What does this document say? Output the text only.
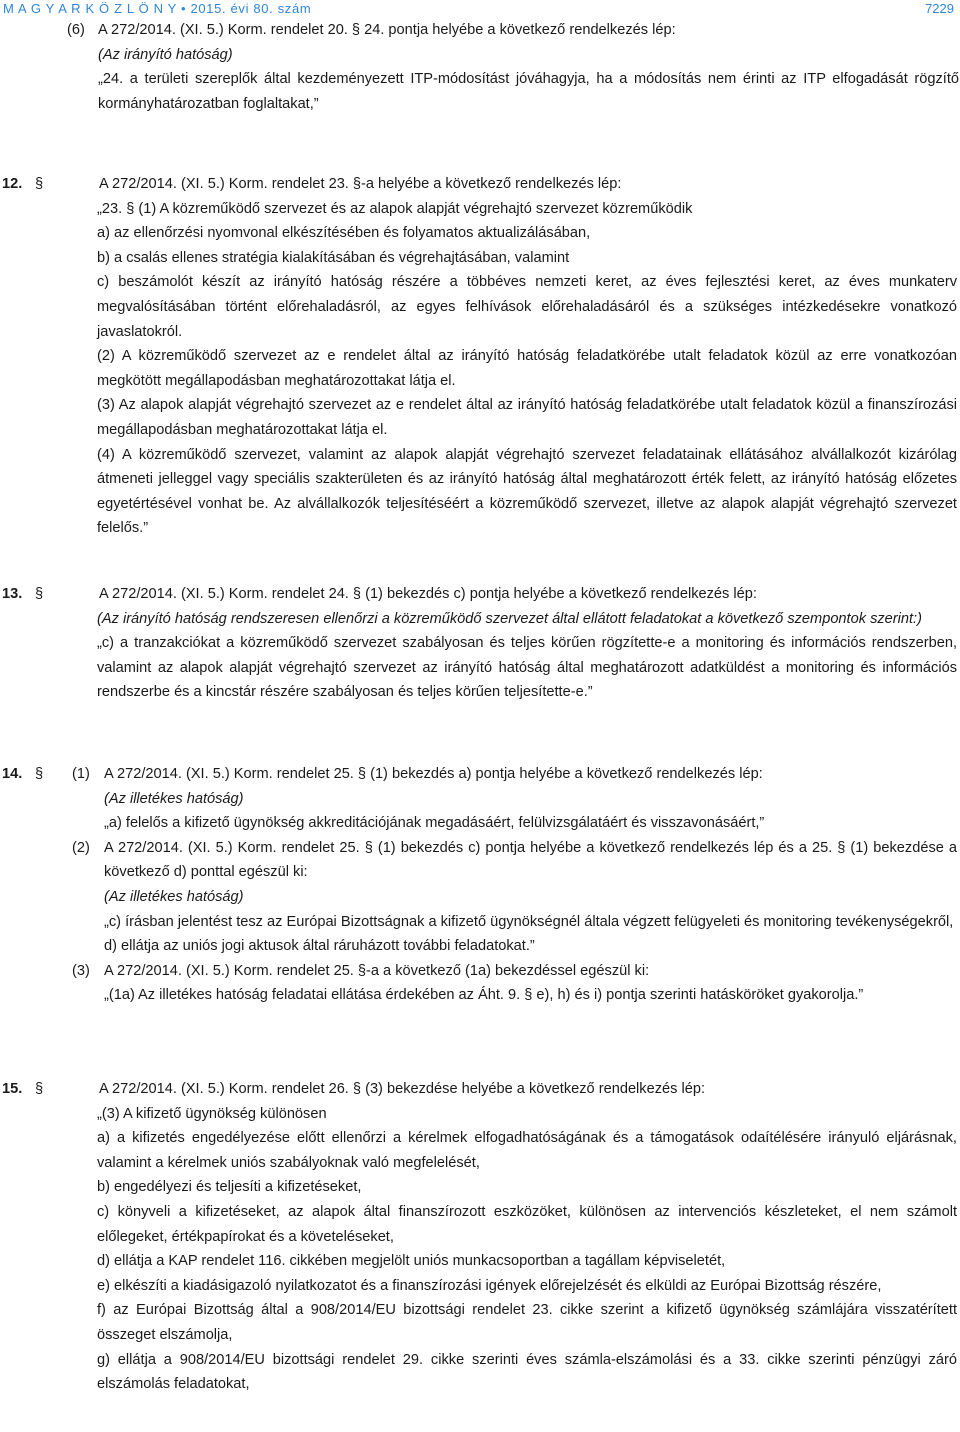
M A G Y A R K Ö Z L Ö N Y • 2015. évi 80. szám	7229
(6) A 272/2014. (XI. 5.) Korm. rendelet 20. § 24. pontja helyébe a következő rendelkezés lép:
(Az irányító hatóság)
„24. a területi szereplők által kezdeményezett ITP-módosítást jóváhagyja, ha a módosítás nem érinti az ITP elfogadását rögzítő kormányhatározatban foglaltakat,”
12. §	A 272/2014. (XI. 5.) Korm. rendelet 23. §-a helyébe a következő rendelkezés lép:

„23. § (1) A közreműködő szervezet és az alapok alapját végrehajtó szervezet közreműködik

a) az ellenőrzési nyomvonal elkészítésében és folyamatos aktualizálásában,

b) a csalás ellenes stratégia kialakításában és végrehajtásában, valamint

c) beszámolót készít az irányító hatóság részére a többéves nemzeti keret, az éves fejlesztési keret, az éves munkaterv megvalósításában történt előrehaladásról, az egyes felhívások előrehaladásáról és a szükséges intézkedésekre vonatkozó javaslatokról.

(2) A közreműködő szervezet az e rendelet által az irányító hatóság feladatkörébe utalt feladatok közül az erre vonatkozóan megkötött megállapodásban meghatározottakat látja el.

(3) Az alapok alapját végrehajtó szervezet az e rendelet által az irányító hatóság feladatkörébe utalt feladatok közül a finanszírozási megállapodásban meghatározottakat látja el.

(4) A közreműködő szervezet, valamint az alapok alapját végrehajtó szervezet feladatainak ellátásához alvállalkozót kizárólag átmeneti jelleggel vagy speciális szakterületen és az irányító hatóság által meghatározott érték felett, az irányító hatóság előzetes egyetértésével vonhat be. Az alvállalkozók teljesítéséért a közreműködő szervezet, illetve az alapok alapját végrehajtó szervezet felelős.”

13. §	A 272/2014. (XI. 5.) Korm. rendelet 24. § (1) bekezdés c) pontja helyébe a következő rendelkezés lép:

(Az irányító hatóság rendszeresen ellenőrzi a közreműködő szervezet által ellátott feladatokat a következő szempontok szerint:)

„c) a tranzakciókat a közreműködő szervezet szabályosan és teljes körűen rögzítette-e a monitoring és információs rendszerben, valamint az alapok alapját végrehajtó szervezet az irányító hatóság által meghatározott adatküldést a monitoring és információs rendszerbe és a kincstár részére szabályosan és teljes körűen teljesítette-e.”

14. §	(1) A 272/2014. (XI. 5.) Korm. rendelet 25. § (1) bekezdés a) pontja helyébe a következő rendelkezés lép:
(Az illetékes hatóság)
„a) felelős a kifizető ügynökség akkreditációjának megadásáért, felülvizsgálatáért és visszavonásáért,”
(2) A 272/2014. (XI. 5.) Korm. rendelet 25. § (1) bekezdés c) pontja helyébe a következő rendelkezés lép és a 25. § (1) bekezdése a következő d) ponttal egészül ki:
(Az illetékes hatóság)
„c) írásban jelentést tesz az Európai Bizottságnak a kifizető ügynökségnél általa végzett felügyeleti és monitoring tevékenységekről,
d) ellátja az uniós jogi aktusok által ráruházott további feladatokat.”
(3) A 272/2014. (XI. 5.) Korm. rendelet 25. §-a a következő (1a) bekezdéssel egészül ki:
„(1a) Az illetékes hatóság feladatai ellátása érdekében az Áht. 9. § e), h) és i) pontja szerinti hatásköröket gyakorolja.”
15. §	A 272/2014. (XI. 5.) Korm. rendelet 26. § (3) bekezdése helyébe a következő rendelkezés lép:

„(3) A kifizető ügynökség különösen

a) a kifizetés engedélyezése előtt ellenőrzi a kérelmek elfogadhatóságának és a támogatások odaítélésére irányuló eljárásnak, valamint a kérelmek uniós szabályoknak való megfelelését,

b) engedélyezi és teljesíti a kifizetéseket,

c) könyveli a kifizetéseket, az alapok által finanszírozott eszközöket, különösen az intervenciós készleteket, el nem számolt előlegeket, értékpapírokat és a követeléseket,

d) ellátja a KAP rendelet 116. cikkében megjelölt uniós munkacsoportban a tagállam képviseletét,

e) elkészíti a kiadásigazoló nyilatkozatot és a finanszírozási igények előrejelzését és elküldi az Európai Bizottság részére,

f) az Európai Bizottság által a 908/2014/EU bizottsági rendelet 23. cikke szerint a kifizető ügynökség számlájára visszatérített összeget elszámolja,

g) ellátja a 908/2014/EU bizottsági rendelet 29. cikke szerinti éves számla-elszámolási és a 33. cikke szerinti pénzügyi záró elszámolás feladatokat,
